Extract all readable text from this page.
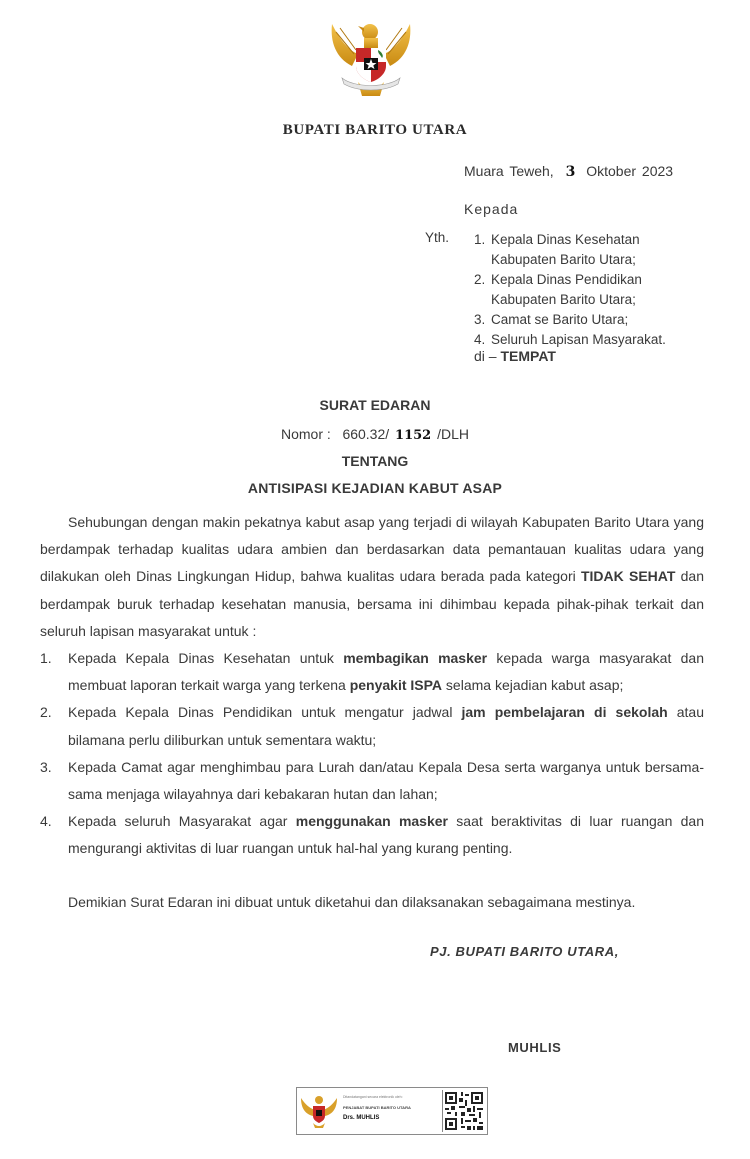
BUPATI BARITO UTARA
Muara Teweh, 3 Oktober 2023
Kepada
Yth. 1. Kepala Dinas Kesehatan
Kabupaten Barito Utara;
2. Kepala Dinas Pendidikan
Kabupaten Barito Utara;
3. Camat se Barito Utara;
4. Seluruh Lapisan Masyarakat.
di – TEMPAT
SURAT EDARAN
Nomor : 660.32/ 1152 /DLH
TENTANG
ANTISIPASI KEJADIAN KABUT ASAP
Sehubungan dengan makin pekatnya kabut asap yang terjadi di wilayah Kabupaten Barito Utara yang berdampak terhadap kualitas udara ambien dan berdasarkan data pemantauan kualitas udara yang dilakukan oleh Dinas Lingkungan Hidup, bahwa kualitas udara berada pada kategori TIDAK SEHAT dan berdampak buruk terhadap kesehatan manusia, bersama ini dihimbau kepada pihak-pihak terkait dan seluruh lapisan masyarakat untuk :
1. Kepada Kepala Dinas Kesehatan untuk membagikan masker kepada warga masyarakat dan membuat laporan terkait warga yang terkena penyakit ISPA selama kejadian kabut asap;
2. Kepada Kepala Dinas Pendidikan untuk mengatur jadwal jam pembelajaran di sekolah atau bilamana perlu diliburkan untuk sementara waktu;
3. Kepada Camat agar menghimbau para Lurah dan/atau Kepala Desa serta warganya untuk bersama-sama menjaga wilayahnya dari kebakaran hutan dan lahan;
4. Kepada seluruh Masyarakat agar menggunakan masker saat beraktivitas di luar ruangan dan mengurangi aktivitas di luar ruangan untuk hal-hal yang kurang penting.
Demikian Surat Edaran ini dibuat untuk diketahui dan dilaksanakan sebagaimana mestinya.
PJ. BUPATI BARITO UTARA,
MUHLIS
Ditandatangani secara elektronik oleh:
PENJABAT BUPATI BARITO UTARA
Drs. MUHLIS
